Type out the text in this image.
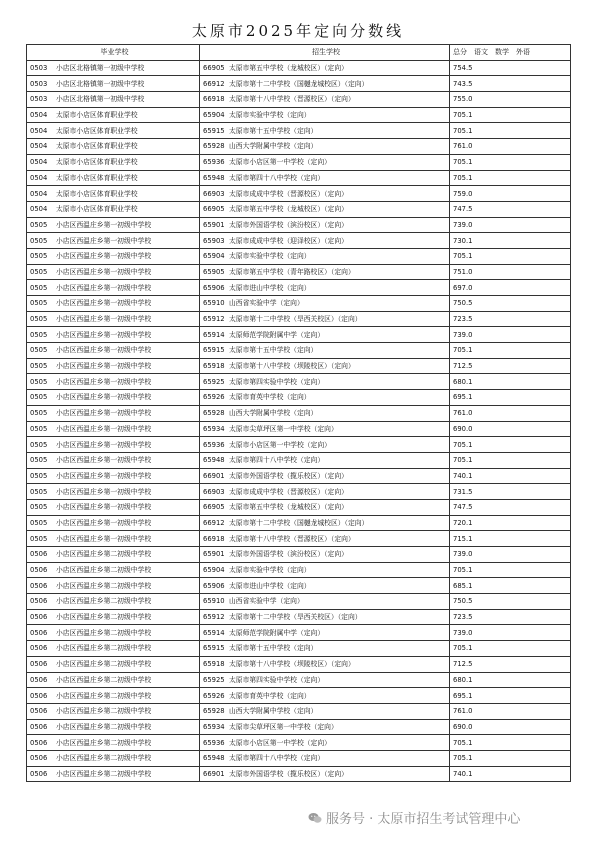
太原市2025年定向分数线
毕业学校	招生学校	总分　语文　数学　外语
0503 小店区北格镇第一初级中学校	66905 太原市第五中学校（龙城校区）（定向）	754.5
0503 小店区北格镇第一初级中学校	66912 太原市第十二中学校（国樾龙城校区）（定向）	743.5
0503 小店区北格镇第一初级中学校	66918 太原市第十八中学校（晋源校区）（定向）	755.0
0504 太原市小店区体育职业学校	65904 太原市实验中学校（定向）	705.1
0504 太原市小店区体育职业学校	65915 太原市第十五中学校（定向）	705.1
0504 太原市小店区体育职业学校	65928 山西大学附属中学校（定向）	761.0
0504 太原市小店区体育职业学校	65936 太原市小店区第一中学校（定向）	705.1
0504 太原市小店区体育职业学校	65948 太原市第四十八中学校（定向）	705.1
0504 太原市小店区体育职业学校	66903 太原市成成中学校（晋源校区）（定向）	759.0
0504 太原市小店区体育职业学校	66905 太原市第五中学校（龙城校区）（定向）	747.5
0505 小店区西温庄乡第一初级中学校	65901 太原市外国语学校（滨汾校区）（定向）	739.0
0505 小店区西温庄乡第一初级中学校	65903 太原市成成中学校（迎泽校区）（定向）	730.1
0505 小店区西温庄乡第一初级中学校	65904 太原市实验中学校（定向）	705.1
0505 小店区西温庄乡第一初级中学校	65905 太原市第五中学校（青年路校区）（定向）	751.0
0505 小店区西温庄乡第一初级中学校	65906 太原市进山中学校（定向）	697.0
0505 小店区西温庄乡第一初级中学校	65910 山西省实验中学（定向）	750.5
0505 小店区西温庄乡第一初级中学校	65912 太原市第十二中学校（旱西关校区）（定向）	723.5
0505 小店区西温庄乡第一初级中学校	65914 太原师范学院附属中学（定向）	739.0
0505 小店区西温庄乡第一初级中学校	65915 太原市第十五中学校（定向）	705.1
0505 小店区西温庄乡第一初级中学校	65918 太原市第十八中学校（坝陵校区）（定向）	712.5
0505 小店区西温庄乡第一初级中学校	65925 太原市第四实验中学校（定向）	680.1
0505 小店区西温庄乡第一初级中学校	65926 太原市育英中学校（定向）	695.1
0505 小店区西温庄乡第一初级中学校	65928 山西大学附属中学校（定向）	761.0
0505 小店区西温庄乡第一初级中学校	65934 太原市尖草坪区第一中学校（定向）	690.0
0505 小店区西温庄乡第一初级中学校	65936 太原市小店区第一中学校（定向）	705.1
0505 小店区西温庄乡第一初级中学校	65948 太原市第四十八中学校（定向）	705.1
0505 小店区西温庄乡第一初级中学校	66901 太原市外国语学校（揽乐校区）（定向）	740.1
0505 小店区西温庄乡第一初级中学校	66903 太原市成成中学校（晋源校区）（定向）	731.5
0505 小店区西温庄乡第一初级中学校	66905 太原市第五中学校（龙城校区）（定向）	747.5
0505 小店区西温庄乡第一初级中学校	66912 太原市第十二中学校（国樾龙城校区）（定向）	720.1
0505 小店区西温庄乡第一初级中学校	66918 太原市第十八中学校（晋源校区）（定向）	715.1
0506 小店区西温庄乡第二初级中学校	65901 太原市外国语学校（滨汾校区）（定向）	739.0
0506 小店区西温庄乡第二初级中学校	65904 太原市实验中学校（定向）	705.1
0506 小店区西温庄乡第二初级中学校	65906 太原市进山中学校（定向）	685.1
0506 小店区西温庄乡第二初级中学校	65910 山西省实验中学（定向）	750.5
0506 小店区西温庄乡第二初级中学校	65912 太原市第十二中学校（旱西关校区）（定向）	723.5
0506 小店区西温庄乡第二初级中学校	65914 太原师范学院附属中学（定向）	739.0
0506 小店区西温庄乡第二初级中学校	65915 太原市第十五中学校（定向）	705.1
0506 小店区西温庄乡第二初级中学校	65918 太原市第十八中学校（坝陵校区）（定向）	712.5
0506 小店区西温庄乡第二初级中学校	65925 太原市第四实验中学校（定向）	680.1
0506 小店区西温庄乡第二初级中学校	65926 太原市育英中学校（定向）	695.1
0506 小店区西温庄乡第二初级中学校	65928 山西大学附属中学校（定向）	761.0
0506 小店区西温庄乡第二初级中学校	65934 太原市尖草坪区第一中学校（定向）	690.0
0506 小店区西温庄乡第二初级中学校	65936 太原市小店区第一中学校（定向）	705.1
0506 小店区西温庄乡第二初级中学校	65948 太原市第四十八中学校（定向）	705.1
0506 小店区西温庄乡第二初级中学校	66901 太原市外国语学校（揽乐校区）（定向）	740.1
服务号 · 太原市招生考试管理中心
